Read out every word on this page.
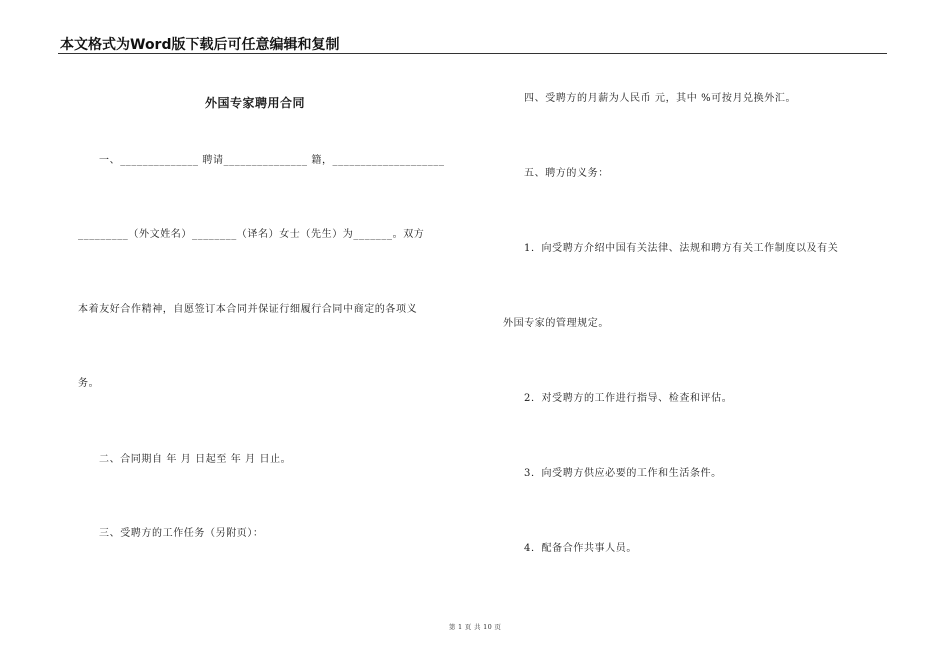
本文格式为Word版下载后可任意编辑和复制
外国专家聘用合同
一、______________ 聘请_______________ 籍，____________________
_________（外文姓名）________（译名）女士（先生）为_______。双方
本着友好合作精神，自愿签订本合同并保证行细履行合同中商定的各项义
务。
二、合同期自 年 月 日起至 年 月 日止。
三、受聘方的工作任务（另附页）：
四、受聘方的月薪为人民币 元，其中 %可按月兑换外汇。
五、聘方的义务：
1．向受聘方介绍中国有关法律、法规和聘方有关工作制度以及有关
外国专家的管理规定。
2．对受聘方的工作进行指导、检查和评估。
3．向受聘方供应必要的工作和生活条件。
4．配备合作共事人员。
第 1 页 共 10 页
